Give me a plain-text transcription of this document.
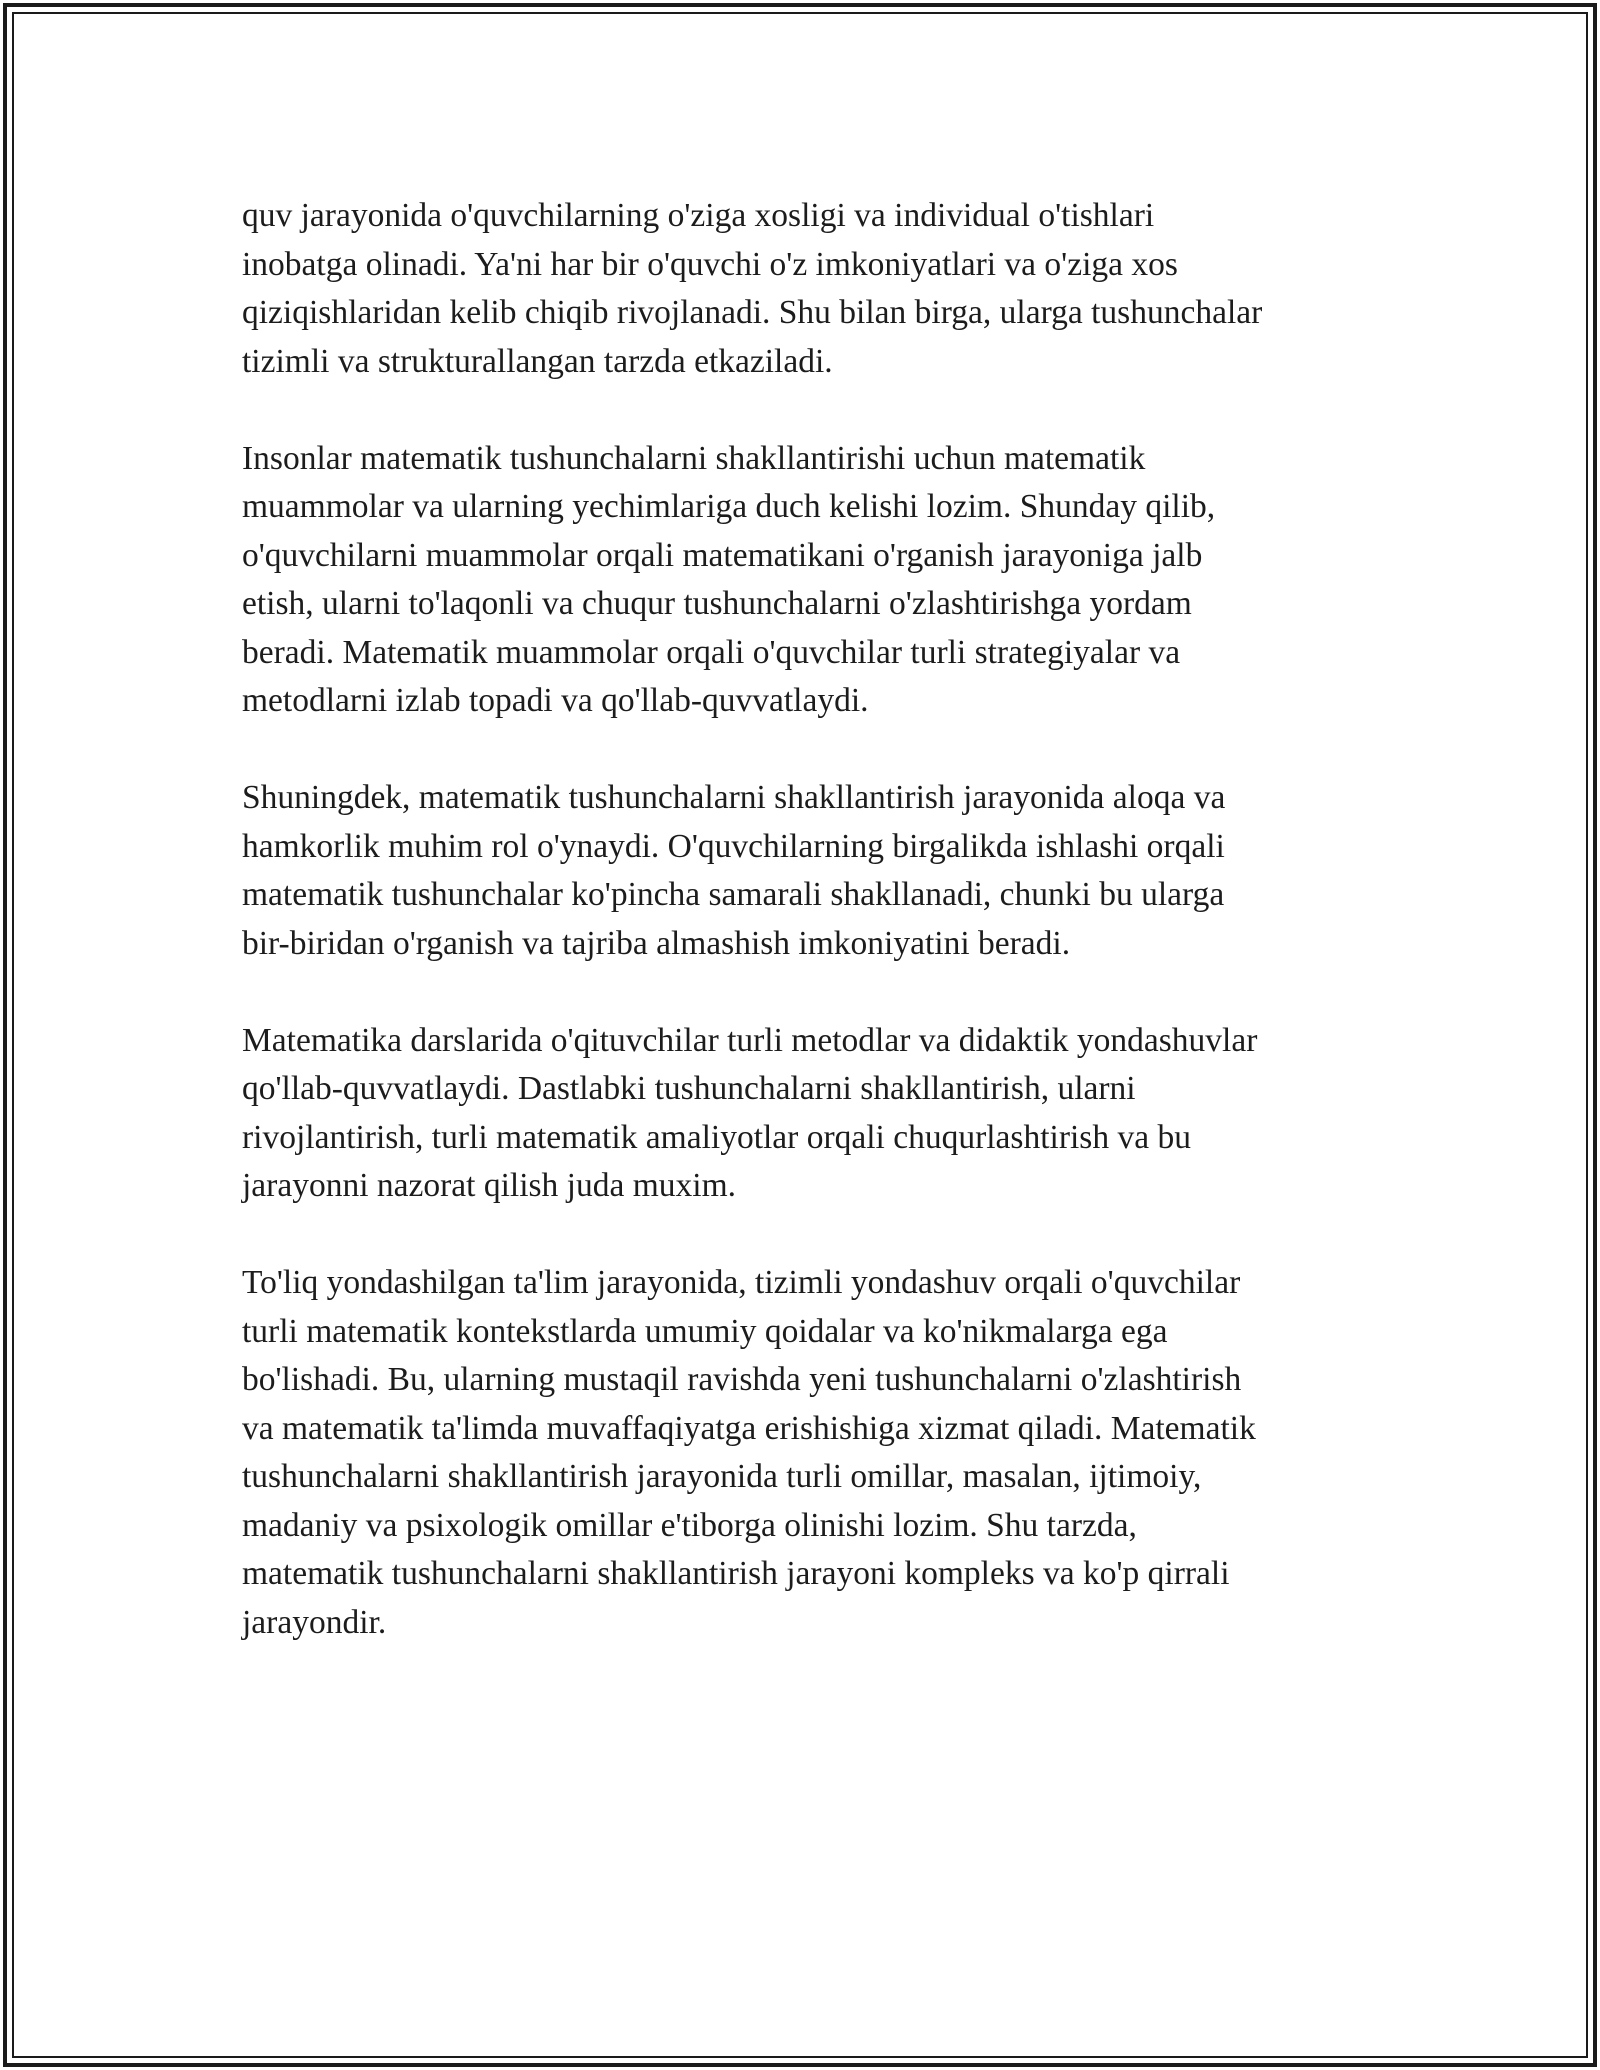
quv jarayonida o'quvchilarning o'ziga xosligi va individual o'tishlari
inobatga olinadi. Ya'ni har bir o'quvchi o'z imkoniyatlari va o'ziga xos
qiziqishlaridan kelib chiqib rivojlanadi. Shu bilan birga, ularga tushunchalar
tizimli va strukturallangan tarzda etkaziladi.

Insonlar matematik tushunchalarni shakllantirishi uchun matematik
muammolar va ularning yechimlariga duch kelishi lozim. Shunday qilib,
o'quvchilarni muammolar orqali matematikani o'rganish jarayoniga jalb
etish, ularni to'laqonli va chuqur tushunchalarni o'zlashtirishga yordam
beradi. Matematik muammolar orqali o'quvchilar turli strategiyalar va
metodlarni izlab topadi va qo'llab-quvvatlaydi.

Shuningdek, matematik tushunchalarni shakllantirish jarayonida aloqa va
hamkorlik muhim rol o'ynaydi. O'quvchilarning birgalikda ishlashi orqali
matematik tushunchalar ko'pincha samarali shakllanadi, chunki bu ularga
bir-biridan o'rganish va tajriba almashish imkoniyatini beradi.

Matematika darslarida o'qituvchilar turli metodlar va didaktik yondashuvlar
qo'llab-quvvatlaydi. Dastlabki tushunchalarni shakllantirish, ularni
rivojlantirish, turli matematik amaliyotlar orqali chuqurlashtirish va bu
jarayonni nazorat qilish juda muxim.

To'liq yondashilgan ta'lim jarayonida, tizimli yondashuv orqali o'quvchilar
turli matematik kontekstlarda umumiy qoidalar va ko'nikmalarga ega
bo'lishadi. Bu, ularning mustaqil ravishda yeni tushunchalarni o'zlashtirish
va matematik ta'limda muvaffaqiyatga erishishiga xizmat qiladi. Matematik
tushunchalarni shakllantirish jarayonida turli omillar, masalan, ijtimoiy,
madaniy va psixologik omillar e'tiborga olinishi lozim. Shu tarzda,
matematik tushunchalarni shakllantirish jarayoni kompleks va ko'p qirrali
jarayondir.
